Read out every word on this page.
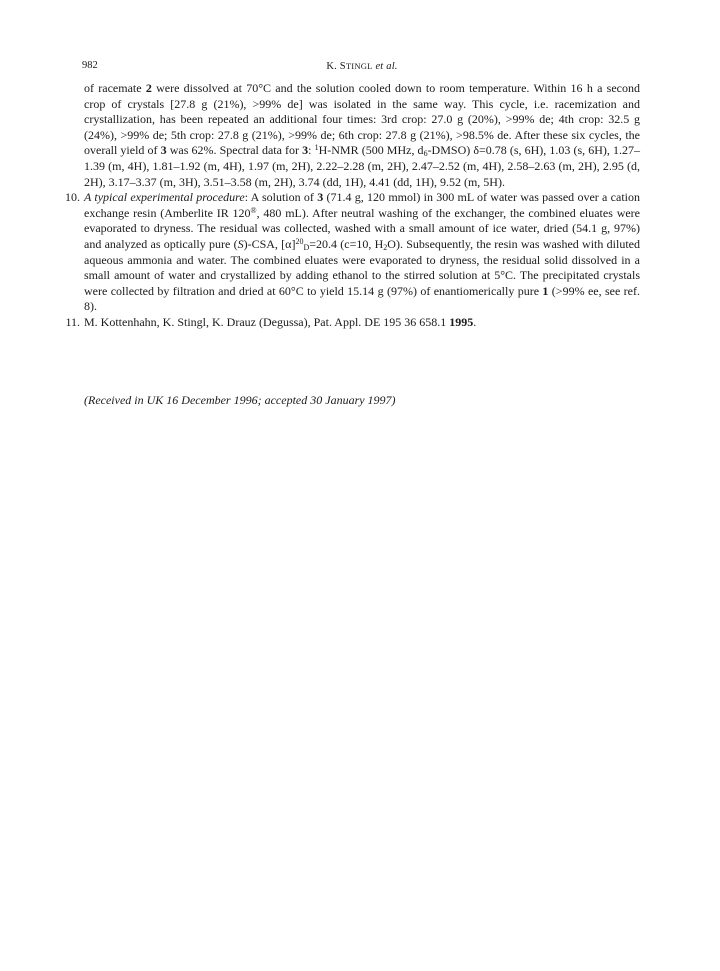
982	K. STINGL et al.

of racemate 2 were dissolved at 70°C and the solution cooled down to room temperature. Within 16 h a second crop of crystals [27.8 g (21%), >99% de] was isolated in the same way. This cycle, i.e. racemization and crystallization, has been repeated an additional four times: 3rd crop: 27.0 g (20%), >99% de; 4th crop: 32.5 g (24%), >99% de; 5th crop: 27.8 g (21%), >99% de; 6th crop: 27.8 g (21%), >98.5% de. After these six cycles, the overall yield of 3 was 62%. Spectral data for 3: $^1$H-NMR (500 MHz, $d_6-DMSO$) δ=0.78 (s, 6H), 1.03 (s, 6H), 1.27–1.39 (m, 4H), 1.81–1.92 (m, 4H), 1.97 (m, 2H), 2.22–2.28 (m, 2H), 2.47–2.52 (m, 4H), 2.58–2.63 (m, 2H), 2.95 (d, 2H), 3.17–3.37 (m, 3H), 3.51–3.58 (m, 2H), 3.74 (dd, 1H), 4.41 (dd, 1H), 9.52 (m, 5H).

10. A typical experimental procedure: A solution of 3 (71.4 g, 120 mmol) in 300 mL of water was passed over a cation exchange resin (Amberlite IR 120®, 480 mL). After neutral washing of the exchanger, the combined eluates were evaporated to dryness. The residual was collected, washed with a small amount of ice water, dried (54.1 g, 97%) and analyzed as optically pure (S)-CSA, $[\alpha]^{20}_D=20.4$ (c=10, $H_2O$). Subsequently, the resin was washed with diluted aqueous ammonia and water. The combined eluates were evaporated to dryness, the residual solid dissolved in a small amount of water and crystallized by adding ethanol to the stirred solution at 5°C. The precipitated crystals were collected by filtration and dried at 60°C to yield 15.14 g (97%) of enantiomerically pure 1 (>99% ee, see ref. 8).
11. M. Kottenhahn, K. Stingl, K. Drauz (Degussa), Pat. Appl. DE 195 36 658.1 1995.
(Received in UK 16 December 1996; accepted 30 January 1997)
